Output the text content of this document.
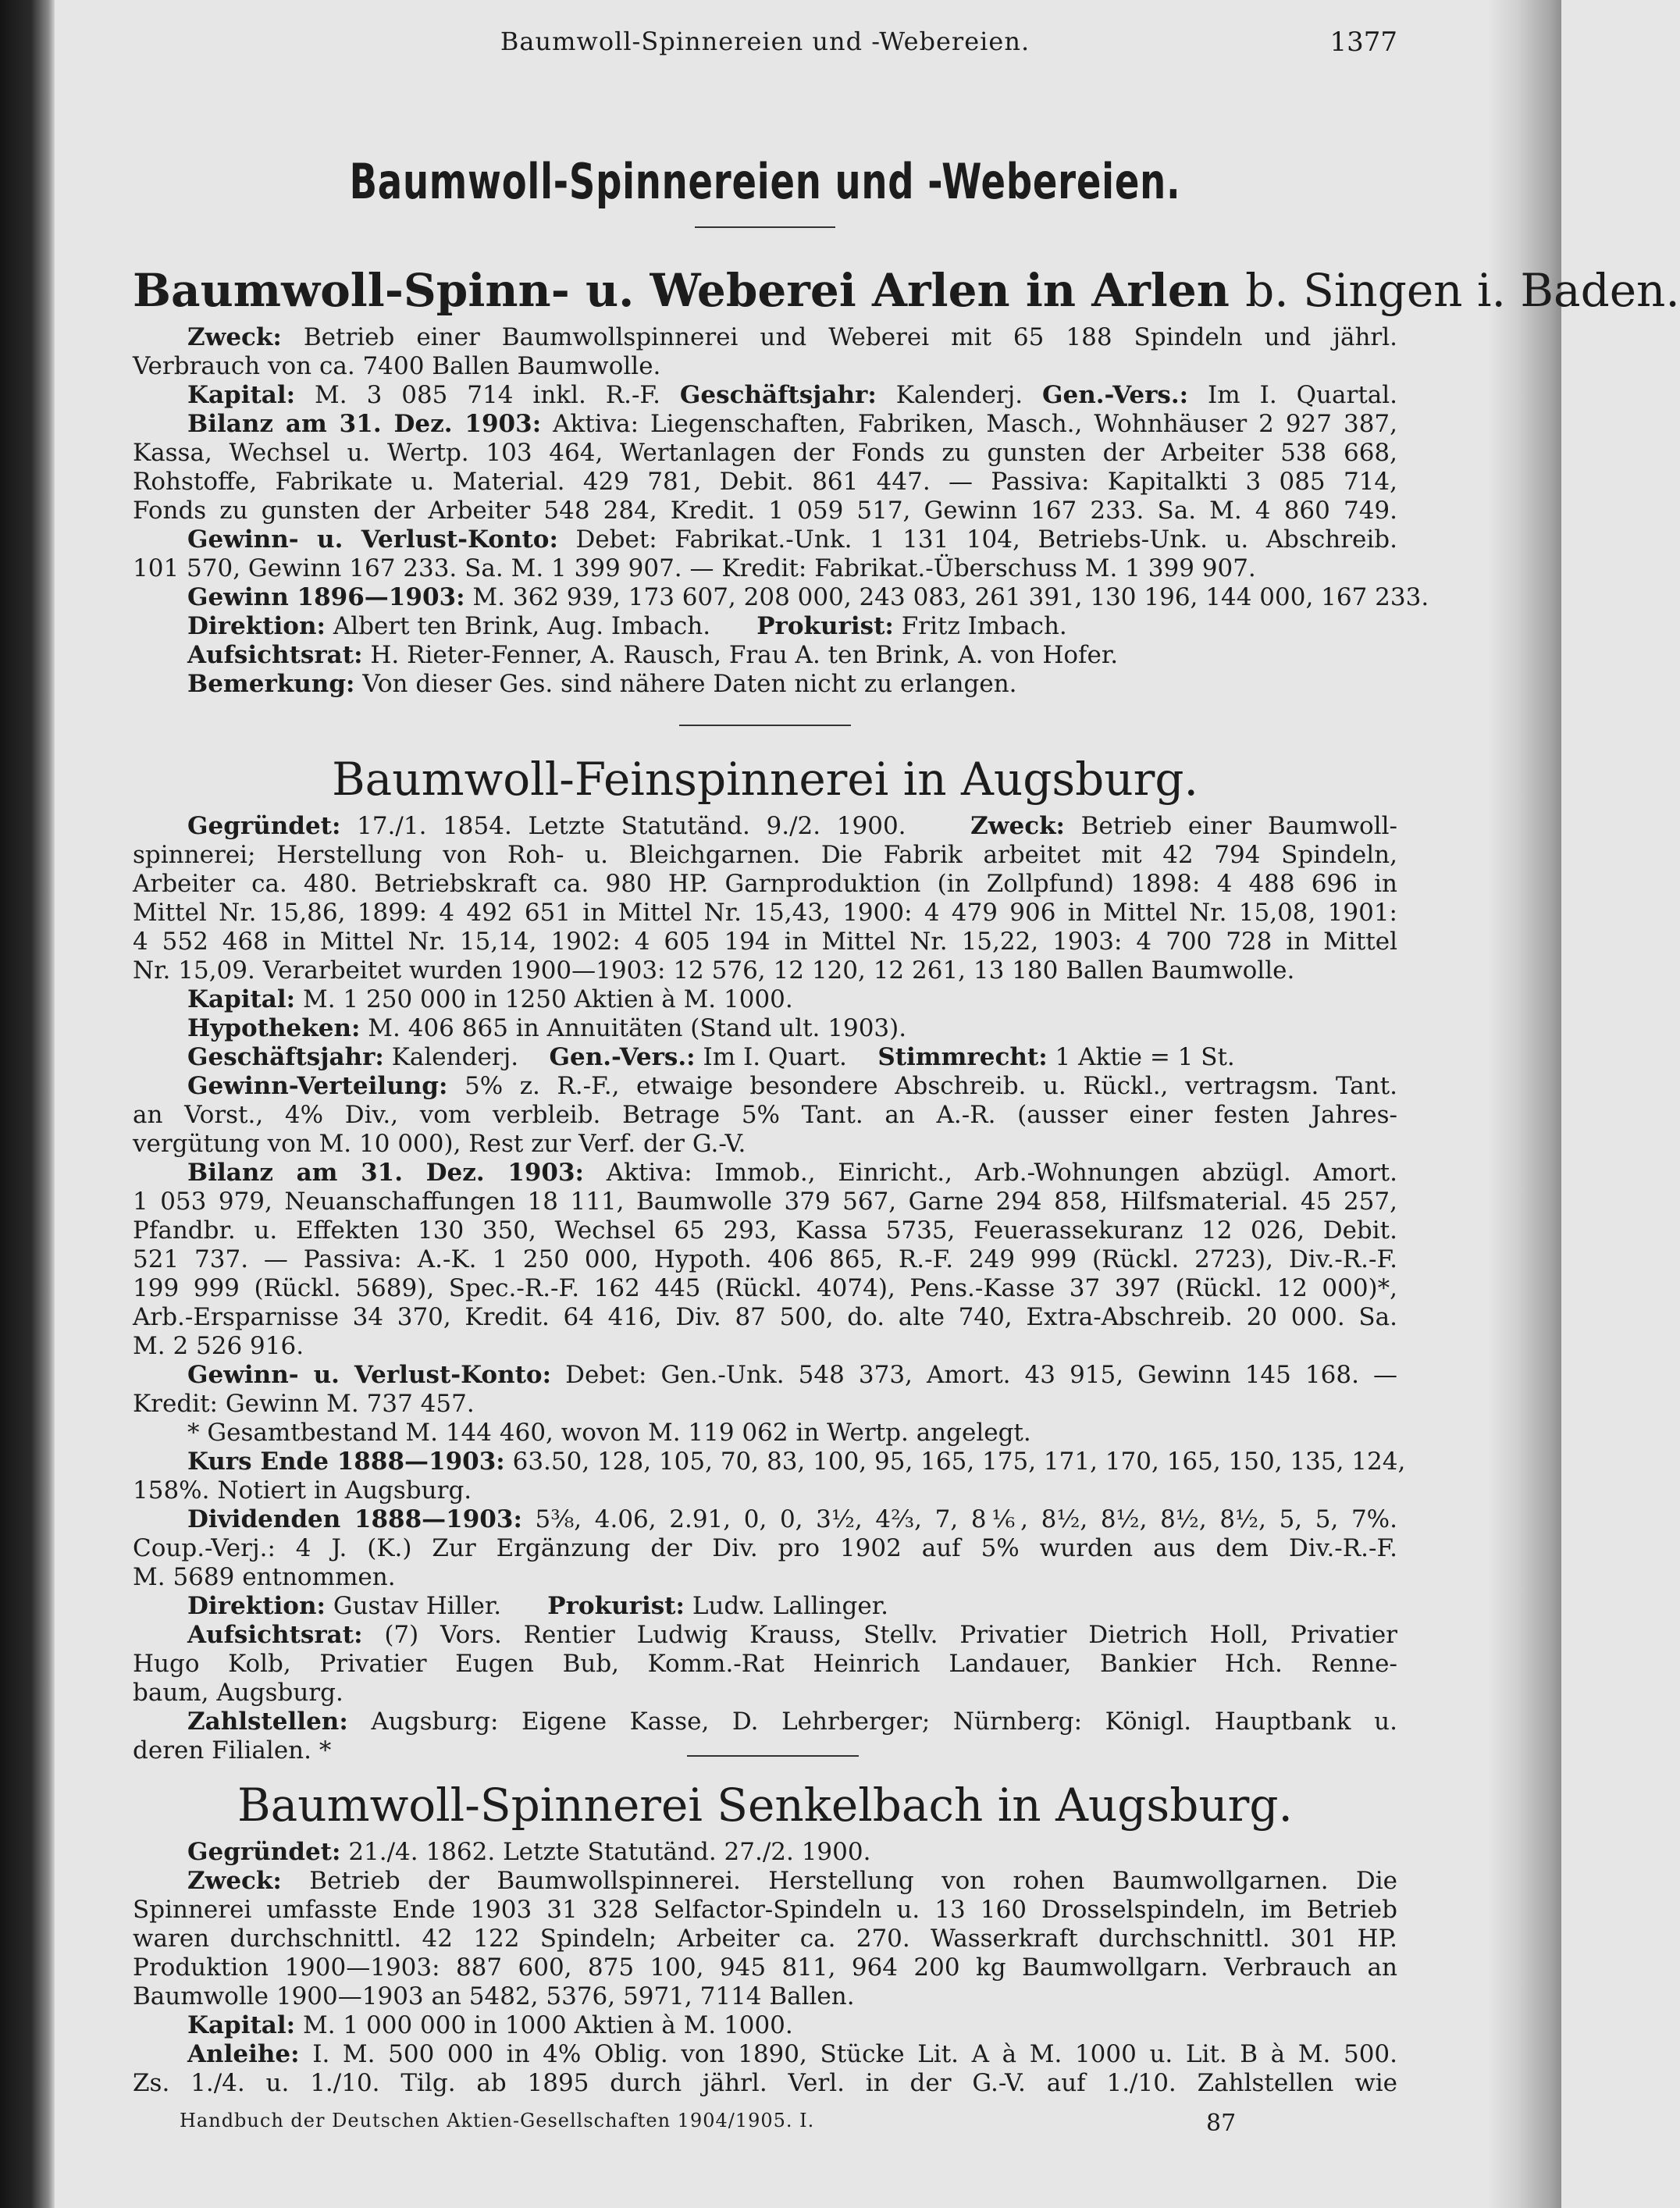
Baumwoll-Spinnereien und -Webereien.	1377
Baumwoll-Spinnereien und -Webereien.
Baumwoll-Spinn- u. Weberei Arlen in Arlen b. Singen i. Baden.
Zweck: Betrieb einer Baumwollspinnerei und Weberei mit 65 188 Spindeln und jährl.
Verbrauch von ca. 7400 Ballen Baumwolle.
Kapital: M. 3 085 714 inkl. R.-F. Geschäftsjahr: Kalenderj. Gen.-Vers.: Im I. Quartal.
Bilanz am 31. Dez. 1903: Aktiva: Liegenschaften, Fabriken, Masch., Wohnhäuser 2 927 387,
Kassa, Wechsel u. Wertp. 103 464, Wertanlagen der Fonds zu gunsten der Arbeiter 538 668,
Rohstoffe, Fabrikate u. Material. 429 781, Debit. 861 447. — Passiva: Kapitalkti 3 085 714,
Fonds zu gunsten der Arbeiter 548 284, Kredit. 1 059 517, Gewinn 167 233. Sa. M. 4 860 749.
Gewinn- u. Verlust-Konto: Debet: Fabrikat.-Unk. 1 131 104, Betriebs-Unk. u. Abschreib.
101 570, Gewinn 167 233. Sa. M. 1 399 907. — Kredit: Fabrikat.-Überschuss M. 1 399 907.
Gewinn 1896—1903: M. 362 939, 173 607, 208 000, 243 083, 261 391, 130 196, 144 000, 167 233.
Direktion: Albert ten Brink, Aug. Imbach. Prokurist: Fritz Imbach.
Aufsichtsrat: H. Rieter-Fenner, A. Rausch, Frau A. ten Brink, A. von Hofer.
Bemerkung: Von dieser Ges. sind nähere Daten nicht zu erlangen.
Baumwoll-Feinspinnerei in Augsburg.
Gegründet: 17./1. 1854. Letzte Statutänd. 9./2. 1900.	Zweck: Betrieb einer Baumwoll-
spinnerei; Herstellung von Roh- u. Bleichgarnen. Die Fabrik arbeitet mit 42 794 Spindeln,
Arbeiter ca. 480. Betriebskraft ca. 980 HP. Garnproduktion (in Zollpfund) 1898: 4 488 696 in
Mittel Nr. 15,86, 1899: 4 492 651 in Mittel Nr. 15,43, 1900: 4 479 906 in Mittel Nr. 15,08, 1901:
4 552 468 in Mittel Nr. 15,14, 1902: 4 605 194 in Mittel Nr. 15,22, 1903: 4 700 728 in Mittel
Nr. 15,09. Verarbeitet wurden 1900—1903: 12 576, 12 120, 12 261, 13 180 Ballen Baumwolle.
Kapital: M. 1 250 000 in 1250 Aktien à M. 1000.
Hypotheken: M. 406 865 in Annuitäten (Stand ult. 1903).
Geschäftsjahr: Kalenderj. Gen.-Vers.: Im I. Quart. Stimmrecht: 1 Aktie = 1 St.
Gewinn-Verteilung: 5% z. R.-F., etwaige besondere Abschreib. u. Rückl., vertragsm. Tant.
an Vorst., 4% Div., vom verbleib. Betrage 5% Tant. an A.-R. (ausser einer festen Jahres-
vergütung von M. 10 000), Rest zur Verf. der G.-V.
Bilanz am 31. Dez. 1903: Aktiva: Immob., Einricht., Arb.-Wohnungen abzügl. Amort.
1 053 979, Neuanschaffungen 18 111, Baumwolle 379 567, Garne 294 858, Hilfsmaterial. 45 257,
Pfandbr. u. Effekten 130 350, Wechsel 65 293, Kassa 5735, Feuerassekuranz 12 026, Debit.
521 737. — Passiva: A.-K. 1 250 000, Hypoth. 406 865, R.-F. 249 999 (Rückl. 2723), Div.-R.-F.
199 999 (Rückl. 5689), Spec.-R.-F. 162 445 (Rückl. 4074), Pens.-Kasse 37 397 (Rückl. 12 000)*,
Arb.-Ersparnisse 34 370, Kredit. 64 416, Div. 87 500, do. alte 740, Extra-Abschreib. 20 000. Sa.
M. 2 526 916.
Gewinn- u. Verlust-Konto: Debet: Gen.-Unk. 548 373, Amort. 43 915, Gewinn 145 168. —
Kredit: Gewinn M. 737 457.
* Gesamtbestand M. 144 460, wovon M. 119 062 in Wertp. angelegt.
Kurs Ende 1888—1903: 63.50, 128, 105, 70, 83, 100, 95, 165, 175, 171, 170, 165, 150, 135, 124,
158%. Notiert in Augsburg.
Dividenden 1888—1903: 5⅜, 4.06, 2.91, 0, 0, 3½, 4⅔, 7, 8⅙, 8½, 8½, 8½, 8½, 5, 5, 7%.
Coup.-Verj.: 4 J. (K.) Zur Ergänzung der Div. pro 1902 auf 5% wurden aus dem Div.-R.-F.
M. 5689 entnommen.
Direktion: Gustav Hiller. Prokurist: Ludw. Lallinger.
Aufsichtsrat: (7) Vors. Rentier Ludwig Krauss, Stellv. Privatier Dietrich Holl, Privatier
Hugo Kolb, Privatier Eugen Bub, Komm.-Rat Heinrich Landauer, Bankier Hch. Renne-
baum, Augsburg.
Zahlstellen: Augsburg: Eigene Kasse, D. Lehrberger; Nürnberg: Königl. Hauptbank u.
deren Filialen. *
Baumwoll-Spinnerei Senkelbach in Augsburg.
Gegründet: 21./4. 1862. Letzte Statutänd. 27./2. 1900.
Zweck: Betrieb der Baumwollspinnerei. Herstellung von rohen Baumwollgarnen. Die
Spinnerei umfasste Ende 1903 31 328 Selfactor-Spindeln u. 13 160 Drosselspindeln, im Betrieb
waren durchschnittl. 42 122 Spindeln; Arbeiter ca. 270. Wasserkraft durchschnittl. 301 HP.
Produktion 1900—1903: 887 600, 875 100, 945 811, 964 200 kg Baumwollgarn. Verbrauch an
Baumwolle 1900—1903 an 5482, 5376, 5971, 7114 Ballen.
Kapital: M. 1 000 000 in 1000 Aktien à M. 1000.
Anleihe: I. M. 500 000 in 4% Oblig. von 1890, Stücke Lit. A à M. 1000 u. Lit. B à M. 500.
Zs. 1./4. u. 1./10. Tilg. ab 1895 durch jährl. Verl. in der G.-V. auf 1./10. Zahlstellen wie
Handbuch der Deutschen Aktien-Gesellschaften 1904/1905. I.	87
